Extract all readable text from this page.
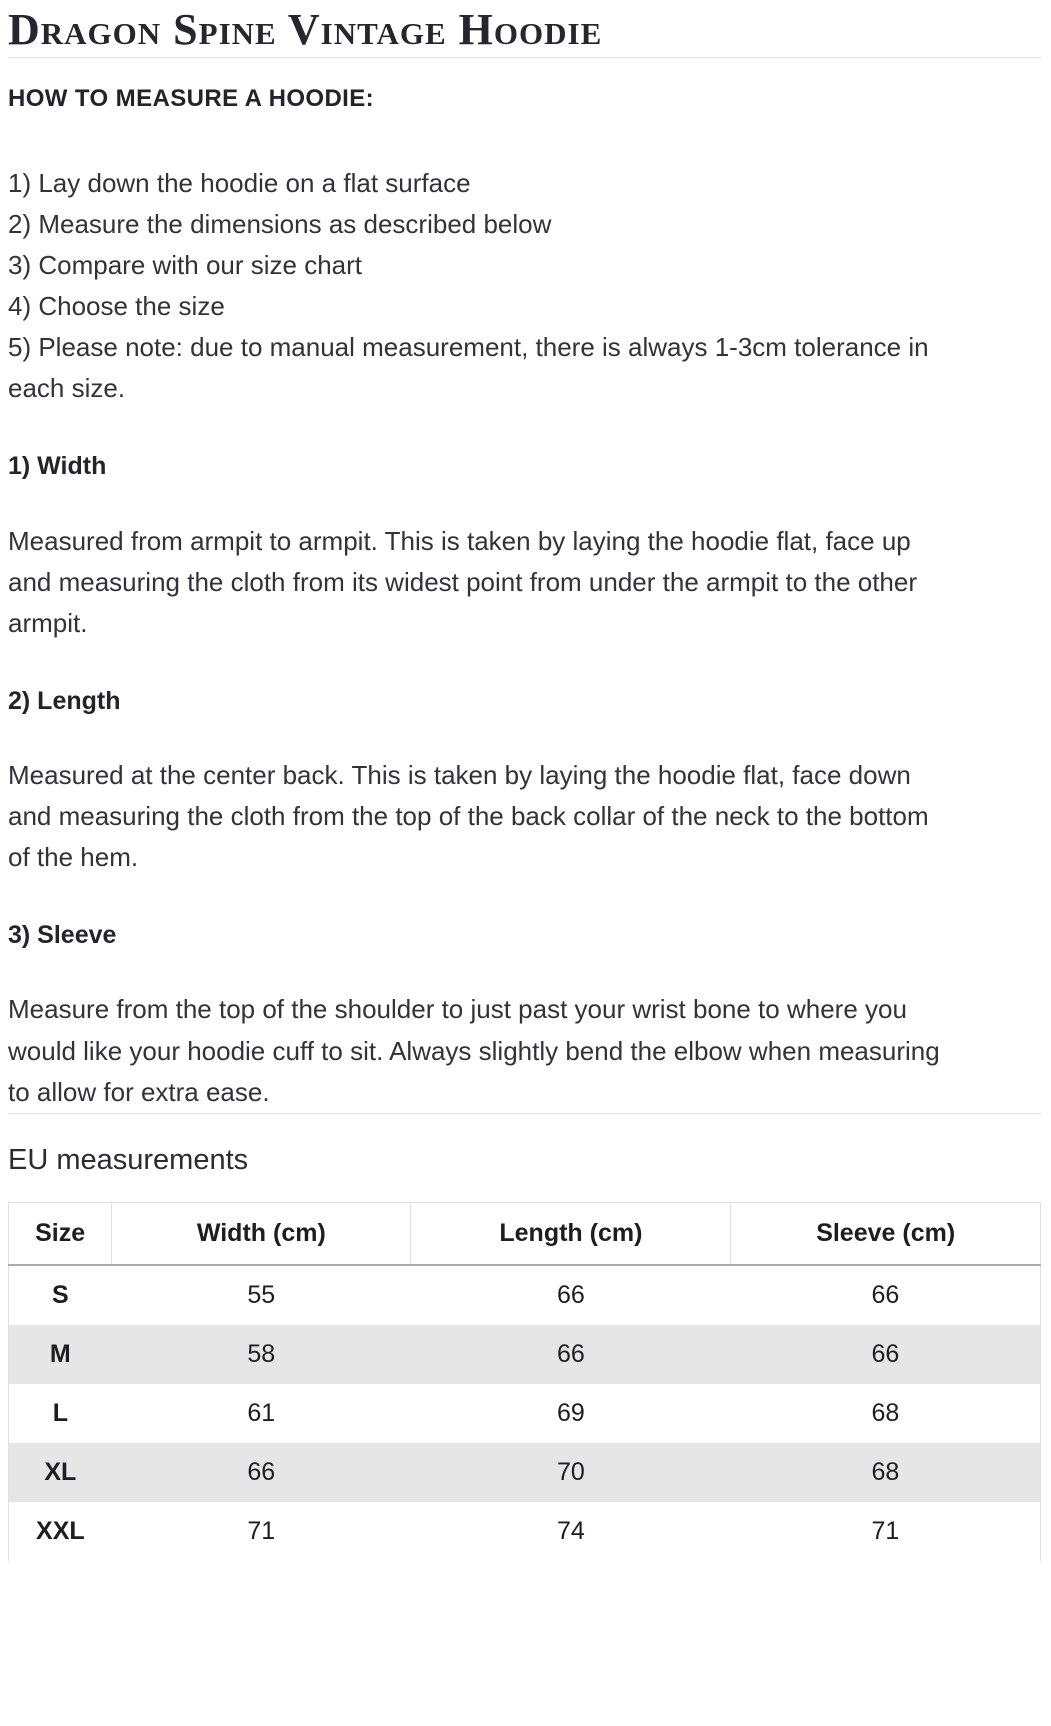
Dragon Spine Vintage Hoodie
HOW TO MEASURE A HOODIE:
1) Lay down the hoodie on a flat surface
2) Measure the dimensions as described below
3) Compare with our size chart
4) Choose the size
5) Please note: due to manual measurement, there is always 1-3cm tolerance in each size.
1) Width

Measured from armpit to armpit. This is taken by laying the hoodie flat, face up and measuring the cloth from its widest point from under the armpit to the other armpit.

2) Length

Measured at the center back. This is taken by laying the hoodie flat, face down and measuring the cloth from the top of the back collar of the neck to the bottom of the hem.

3) Sleeve

Measure from the top of the shoulder to just past your wrist bone to where you would like your hoodie cuff to sit. Always slightly bend the elbow when measuring to allow for extra ease.

EU measurements
Size	Width (cm)	Length (cm)	Sleeve (cm)
S	55	66	66
M	58	66	66
L	61	69	68
XL	66	70	68
XXL	71	74	71
